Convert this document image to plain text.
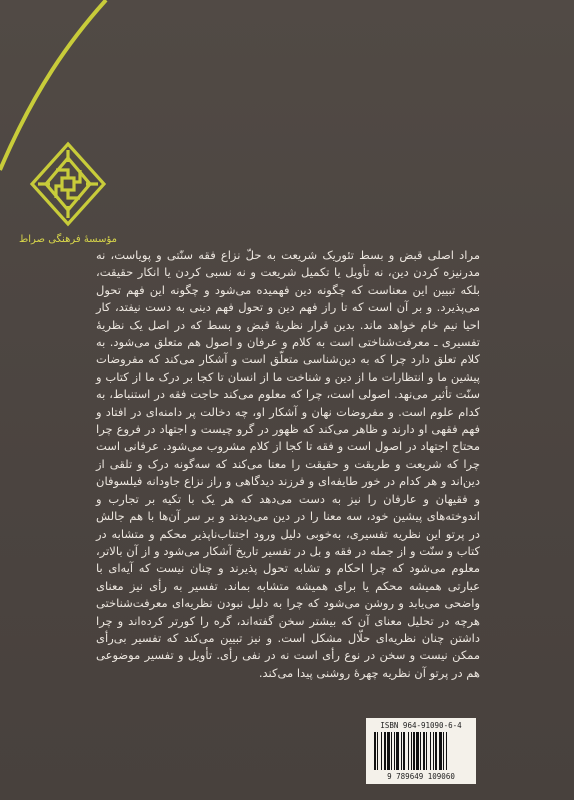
مؤسسهٔ فرهنگی صراط

مراد اصلی قبض و بسط تئوریک شریعت به حلّ نزاع فقه سنّتی و پویاست، نه مدرنیزه کردن دین، نه تأویل یا تکمیل شریعت و نه نسبی کردن یا انکار حقیقت، بلکه تبیین این معناست که چگونه دین فهمیده می‌شود و چگونه این فهم تحول می‌پذیرد. و بر آن است که تا راز فهم دین و تحول فهم دینی به دست نیفتد، کار احیا نیم خام خواهد ماند. بدین قرار نظریهٔ قبض و بسط که در اصل یک نظریهٔ تفسیری ـ معرفت‌شناختی است به کلام و عرفان و اصول هم متعلق می‌شود. به کلام تعلق دارد چرا که به دین‌شناسی متعلّق است و آشکار می‌کند که مفروضات پیشین ما و انتظارات ما از دین و شناخت ما از انسان تا کجا بر درک ما از کتاب و سنّت تأثیر می‌نهد. اصولی است، چرا که معلوم می‌کند حاجت فقه در استنباط، به کدام علوم است. و مفروضات نهان و آشکار او، چه دخالت پر دامنه‌ای در افتاد و فهم فقهی او دارند و ظاهر می‌کند که ظهور در گرو چیست و اجتهاد در فروع چرا محتاج اجتهاد در اصول است و فقه تا کجا از کلام مشروب می‌شود. عرفانی است چرا که شریعت و طریقت و حقیقت را معنا می‌کند که سه‌گونه درک و تلقی از دین‌اند و هر کدام در خور طایفه‌ای و فرزند دیدگاهی و راز نزاع جاودانه فیلسوفان و فقیهان و عارفان را نیز به دست می‌دهد که هر یک با تکیه بر تجارب و اندوخته‌های پیشین خود، سه معنا را در دین می‌دیدند و بر سر آن‌ها با هم جالش در پرتو این نظریه تفسیری، به‌خوبی دلیل ورود اجتناب‌ناپذیر محکم و متشابه در کتاب و سنّت و از جمله در فقه و بل در تفسیر تاریخ آشکار می‌شود و از آن بالاتر، معلوم می‌شود که چرا احکام و تشابه تحول پذیرند و چنان نیست که آیه‌ای با عبارتی همیشه محکم یا برای همیشه متشابه بماند. تفسیر به رأی نیز معنای واضحی می‌یابد و روشن می‌شود که چرا به دلیل نبودن نظریه‌ای معرفت‌شناختی هرچه در تحلیل معنای آن که بیشتر سخن گفته‌اند، گره را کورتر کرده‌اند و چرا داشتن چنان نظریه‌ای حلّال مشکل است. و نیز تبیین می‌کند که تفسیر بی‌رأی ممکن نیست و سخن در نوع رأی است نه در نفی رأی. تأویل و تفسیر موضوعی هم در پرتو آن نظریه چهرهٔ روشنی پیدا می‌کند.

ISBN 964-91090-6-4
9 789649 109060
